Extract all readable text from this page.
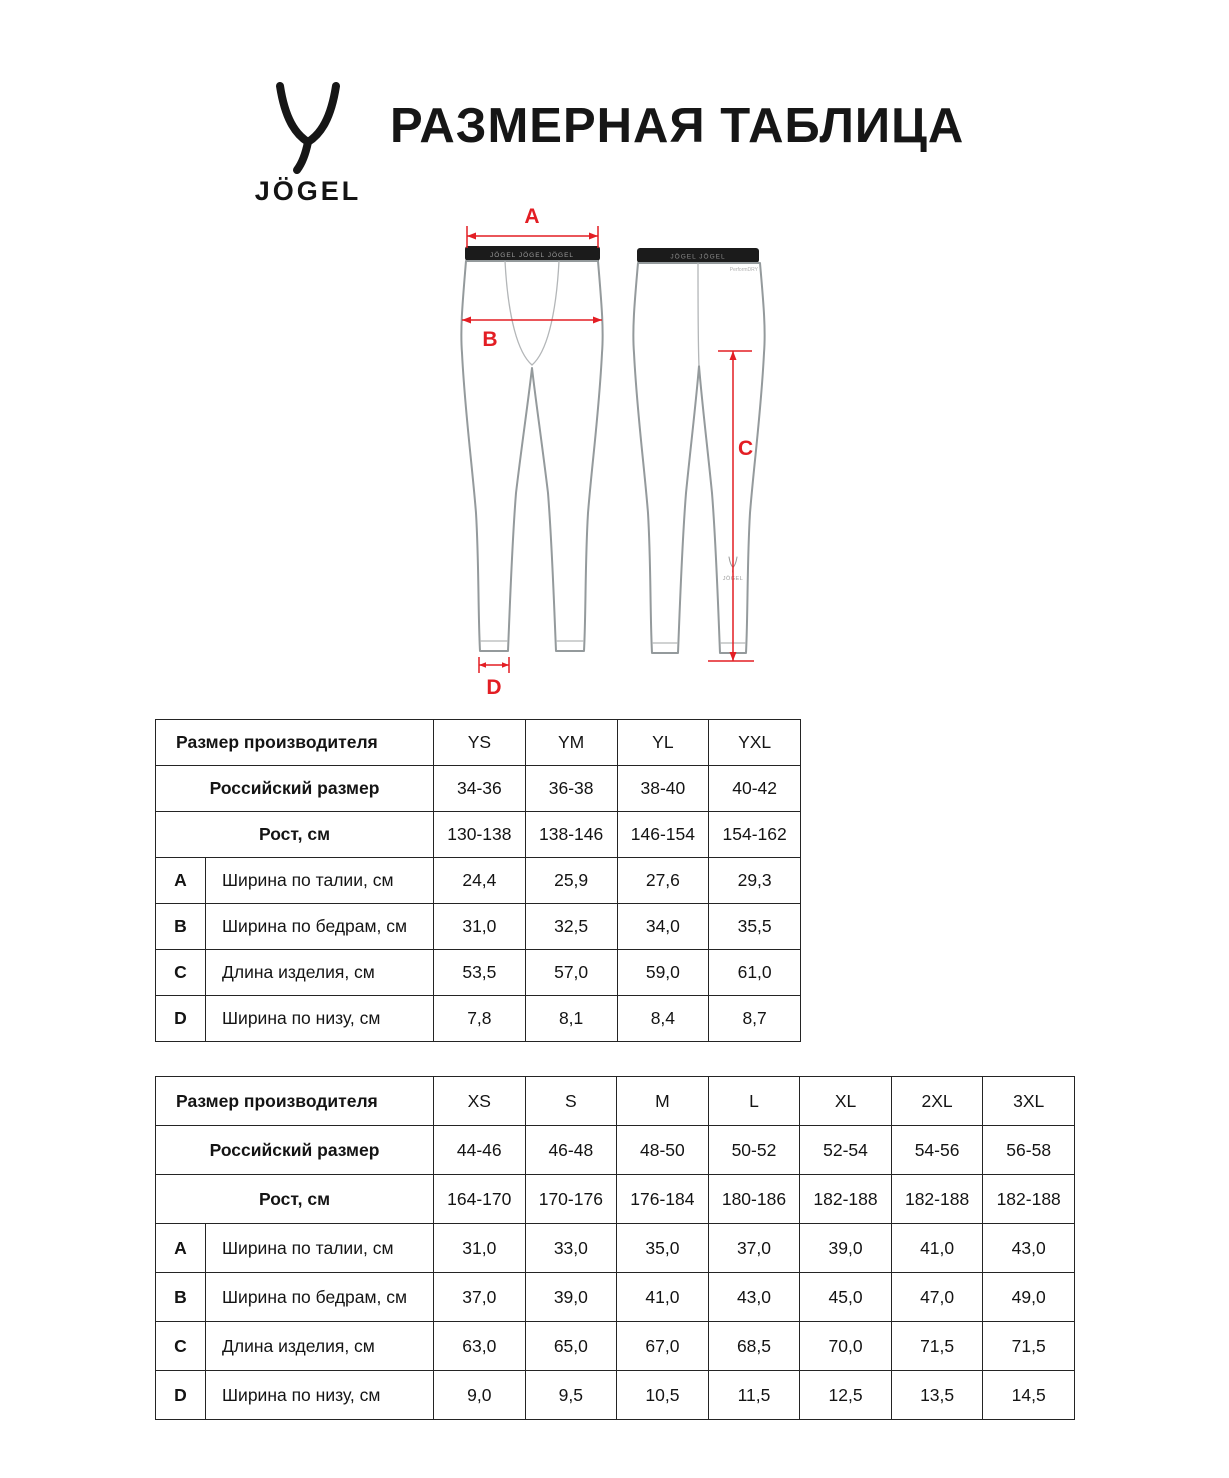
JÖGEL
РАЗМЕРНАЯ ТАБЛИЦА
JÖGEL JÖGEL JÖGEL	JÖGEL JÖGEL
PerformDRY
JÖGEL
A
B
C
D
Размер производителя		YS	YM	YL	YXL
Российский размер		34-36	36-38	38-40	40-42
Рост, см		130-138	138-146	146-154	154-162
A	Ширина по талии, см	24,4	25,9	27,6	29,3
B	Ширина по бедрам, см	31,0	32,5	34,0	35,5
C	Длина изделия, см	53,5	57,0	59,0	61,0
D	Ширина по низу, см	7,8	8,1	8,4	8,7
Размер производителя		XS	S	M	L	XL	2XL	3XL
Российский размер		44-46	46-48	48-50	50-52	52-54	54-56	56-58
Рост, см		164-170	170-176	176-184	180-186	182-188	182-188	182-188
A	Ширина по талии, см	31,0	33,0	35,0	37,0	39,0	41,0	43,0
B	Ширина по бедрам, см	37,0	39,0	41,0	43,0	45,0	47,0	49,0
C	Длина изделия, см	63,0	65,0	67,0	68,5	70,0	71,5	71,5
D	Ширина по низу, см	9,0	9,5	10,5	11,5	12,5	13,5	14,5
